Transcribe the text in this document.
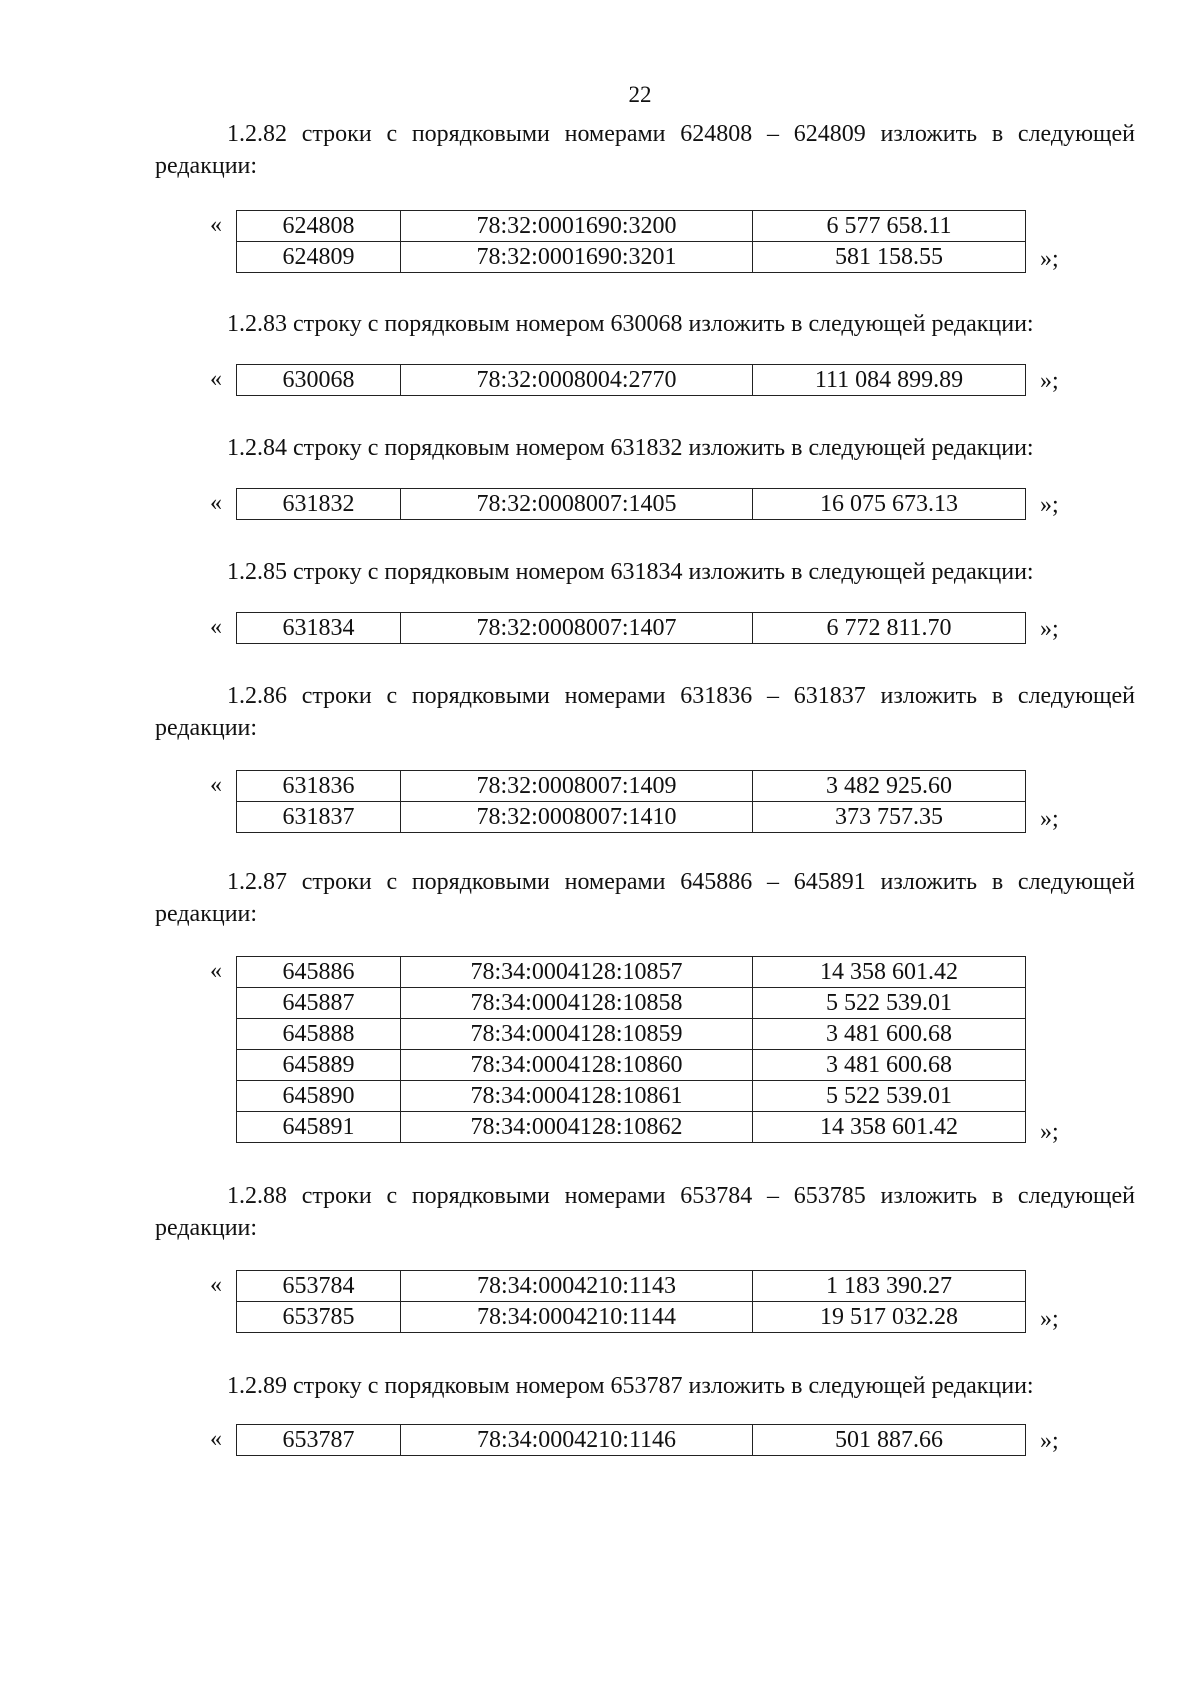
22

1.2.82 строки с порядковыми номерами 624808 – 624809 изложить в следующей редакции:

«	624808	78:32:0001690:3200	6 577 658.11
624809	78:32:0001690:3201	581 158.55	»;

1.2.83 строку с порядковым номером 630068 изложить в следующей редакции:

«	630068	78:32:0008004:2770	111 084 899.89	»;

1.2.84 строку с порядковым номером 631832 изложить в следующей редакции:

«	631832	78:32:0008007:1405	16 075 673.13	»;

1.2.85 строку с порядковым номером 631834 изложить в следующей редакции:

«	631834	78:32:0008007:1407	6 772 811.70	»;

1.2.86 строки с порядковыми номерами 631836 – 631837 изложить в следующей редакции:

«	631836	78:32:0008007:1409	3 482 925.60
631837	78:32:0008007:1410	373 757.35	»;

1.2.87 строки с порядковыми номерами 645886 – 645891 изложить в следующей редакции:

«	645886	78:34:0004128:10857	14 358 601.42
645887	78:34:0004128:10858	5 522 539.01
645888	78:34:0004128:10859	3 481 600.68
645889	78:34:0004128:10860	3 481 600.68
645890	78:34:0004128:10861	5 522 539.01
645891	78:34:0004128:10862	14 358 601.42	»;

1.2.88 строки с порядковыми номерами 653784 – 653785 изложить в следующей редакции:

«	653784	78:34:0004210:1143	1 183 390.27
653785	78:34:0004210:1144	19 517 032.28	»;

1.2.89 строку с порядковым номером 653787 изложить в следующей редакции:

«	653787	78:34:0004210:1146	501 887.66	»;
